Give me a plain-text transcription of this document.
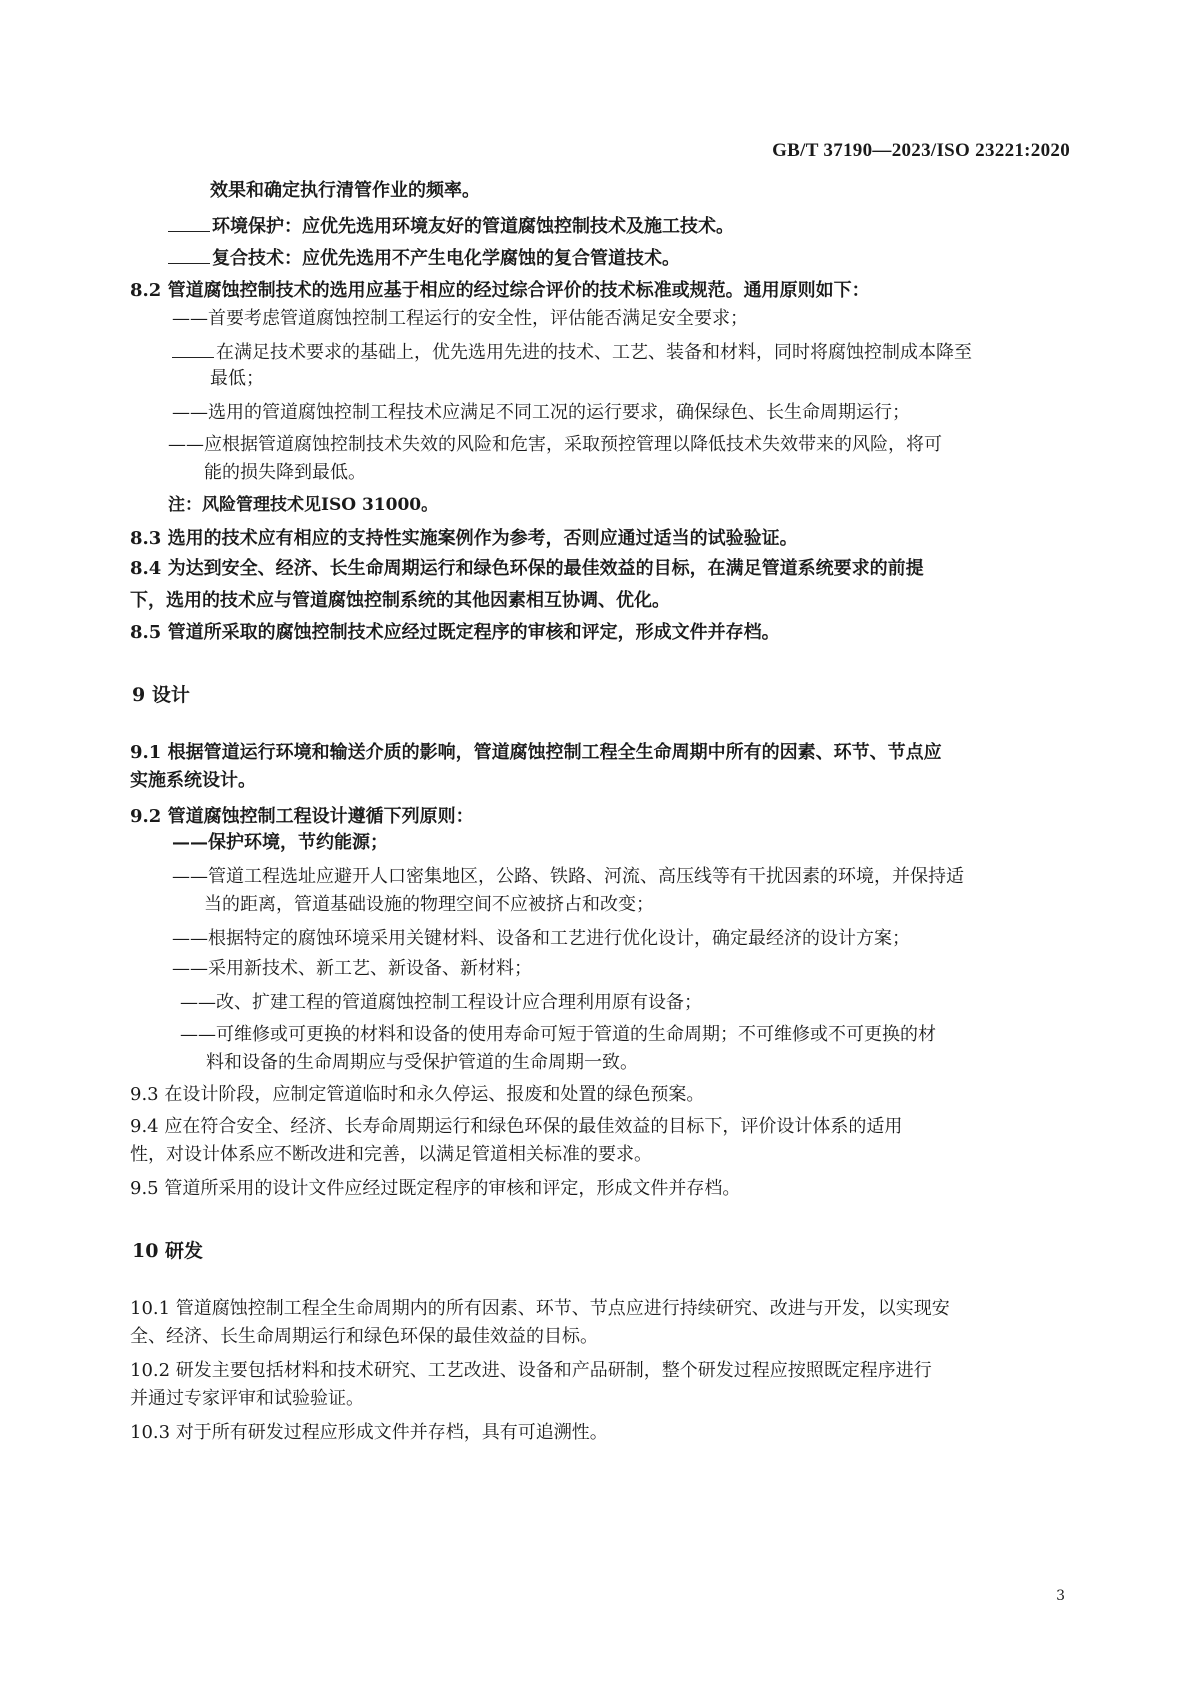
GB/T 37190—2023/ISO 23221:2020
效果和确定执行清管作业的频率。
环境保护：应优先选用环境友好的管道腐蚀控制技术及施工技术。
复合技术：应优先选用不产生电化学腐蚀的复合管道技术。
8.2 管道腐蚀控制技术的选用应基于相应的经过综合评价的技术标准或规范。通用原则如下：
——首要考虑管道腐蚀控制工程运行的安全性，评估能否满足安全要求；
在满足技术要求的基础上，优先选用先进的技术、工艺、装备和材料，同时将腐蚀控制成本降至
最低；
——选用的管道腐蚀控制工程技术应满足不同工况的运行要求，确保绿色、长生命周期运行；
——应根据管道腐蚀控制技术失效的风险和危害，采取预控管理以降低技术失效带来的风险，将可
能的损失降到最低。
注：风险管理技术见ISO 31000。
8.3 选用的技术应有相应的支持性实施案例作为参考，否则应通过适当的试验验证。
8.4 为达到安全、经济、长生命周期运行和绿色环保的最佳效益的目标，在满足管道系统要求的前提
下，选用的技术应与管道腐蚀控制系统的其他因素相互协调、优化。
8.5 管道所采取的腐蚀控制技术应经过既定程序的审核和评定，形成文件并存档。
9 设计
9.1 根据管道运行环境和输送介质的影响，管道腐蚀控制工程全生命周期中所有的因素、环节、节点应
实施系统设计。
9.2 管道腐蚀控制工程设计遵循下列原则：
——保护环境，节约能源；
——管道工程选址应避开人口密集地区，公路、铁路、河流、高压线等有干扰因素的环境，并保持适
当的距离，管道基础设施的物理空间不应被挤占和改变；
——根据特定的腐蚀环境采用关键材料、设备和工艺进行优化设计，确定最经济的设计方案；
——采用新技术、新工艺、新设备、新材料；
——改、扩建工程的管道腐蚀控制工程设计应合理利用原有设备；
——可维修或可更换的材料和设备的使用寿命可短于管道的生命周期；不可维修或不可更换的材
料和设备的生命周期应与受保护管道的生命周期一致。
9.3 在设计阶段，应制定管道临时和永久停运、报废和处置的绿色预案。
9.4 应在符合安全、经济、长寿命周期运行和绿色环保的最佳效益的目标下，评价设计体系的适用
性，对设计体系应不断改进和完善，以满足管道相关标准的要求。
9.5 管道所采用的设计文件应经过既定程序的审核和评定，形成文件并存档。
10 研发
10.1 管道腐蚀控制工程全生命周期内的所有因素、环节、节点应进行持续研究、改进与开发，以实现安
全、经济、长生命周期运行和绿色环保的最佳效益的目标。
10.2 研发主要包括材料和技术研究、工艺改进、设备和产品研制，整个研发过程应按照既定程序进行
并通过专家评审和试验验证。
10.3 对于所有研发过程应形成文件并存档，具有可追溯性。
3
